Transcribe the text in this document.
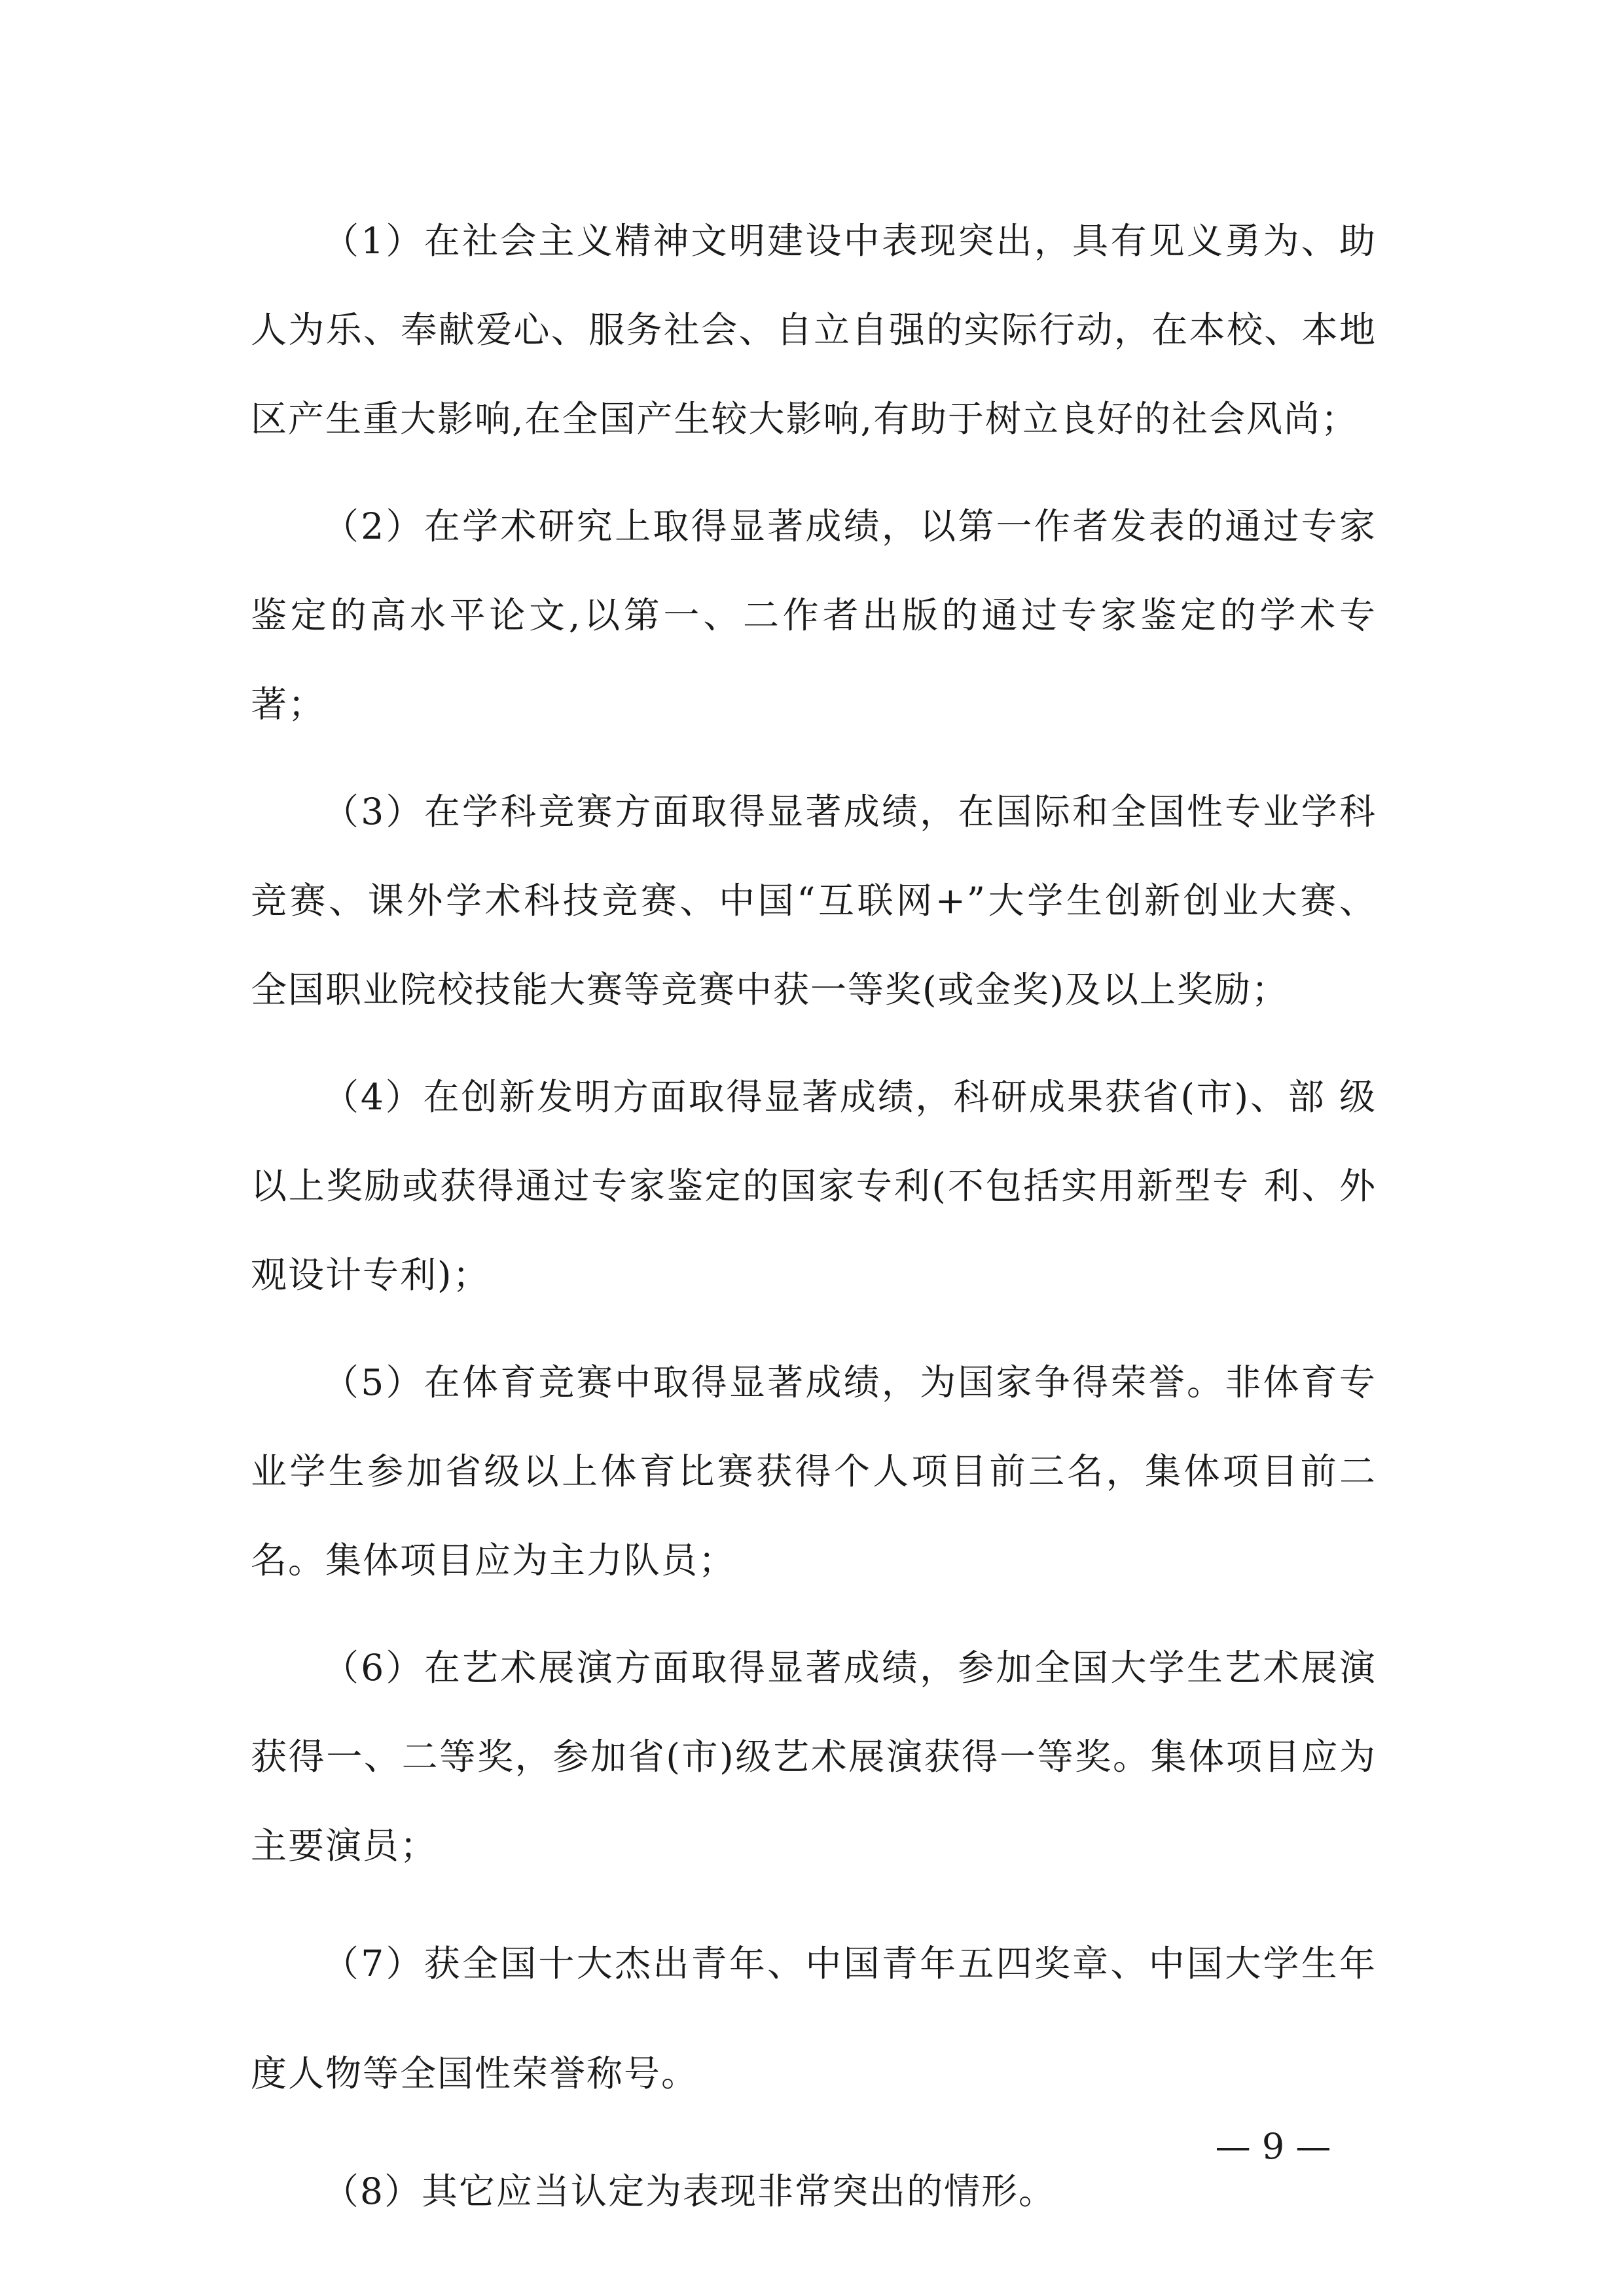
（1）在社会主义精神文明建设中表现突出，具有见义勇为、助人为乐、奉献爱心、服务社会、自立自强的实际行动，在本校、本地区产生重大影响,在全国产生较大影响,有助于树立良好的社会风尚；

（2）在学术研究上取得显著成绩，以第一作者发表的通过专家鉴定的高水平论文,以第一、二作者出版的通过专家鉴定的学术专著；

（3）在学科竞赛方面取得显著成绩，在国际和全国性专业学科竞赛、课外学术科技竞赛、中国“互联网+”大学生创新创业大赛、 全国职业院校技能大赛等竞赛中获一等奖(或金奖)及以上奖励；

（4）在创新发明方面取得显著成绩，科研成果获省(市)、部 级以上奖励或获得通过专家鉴定的国家专利(不包括实用新型专 利、外观设计专利)；

（5）在体育竞赛中取得显著成绩，为国家争得荣誉。非体育专业学生参加省级以上体育比赛获得个人项目前三名，集体项目前二名。集体项目应为主力队员；

（6）在艺术展演方面取得显著成绩，参加全国大学生艺术展演获得一、二等奖，参加省(市)级艺术展演获得一等奖。集体项目应为主要演员；

（7）获全国十大杰出青年、中国青年五四奖章、中国大学生年度人物等全国性荣誉称号。

（8）其它应当认定为表现非常突出的情形。

— 9 —
